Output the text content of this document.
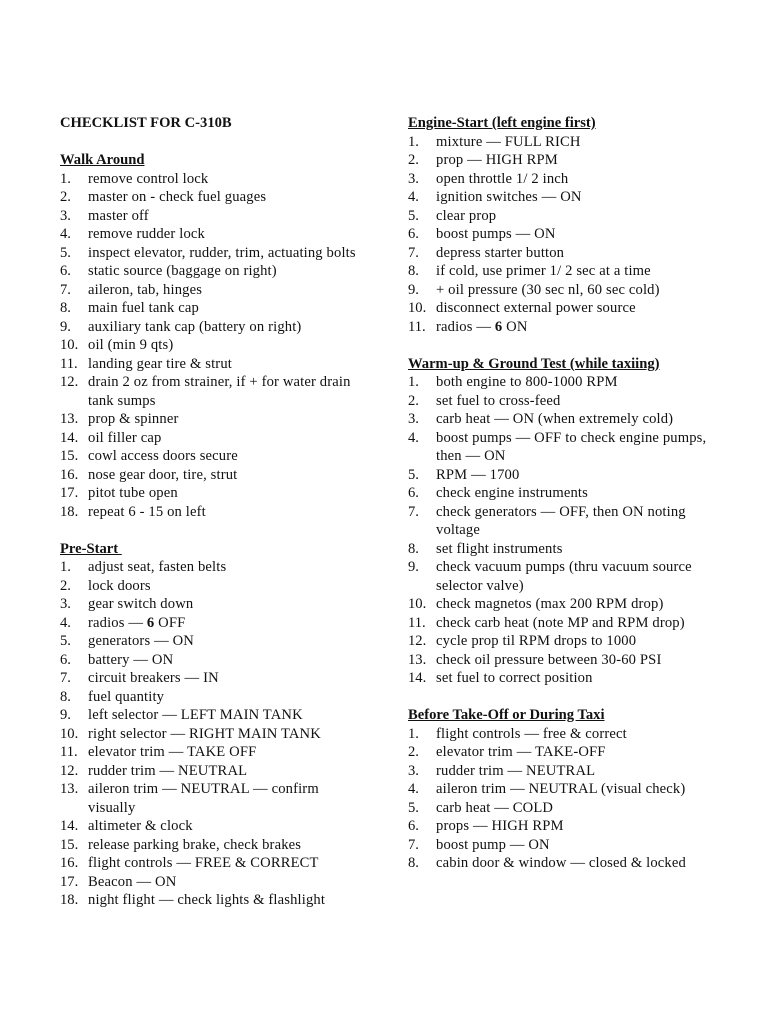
CHECKLIST FOR C-310B
Walk Around
1.	remove control lock
2.	master on - check fuel guages
3.	master off
4.	remove rudder lock
5.	inspect elevator, rudder, trim, actuating bolts
6.	static source (baggage on right)
7.	aileron, tab, hinges
8.	main fuel tank cap
9.	auxiliary tank cap (battery on right)
10. oil (min 9 qts)
11. landing gear tire & strut
12. drain 2 oz from strainer, if + for water drain tank sumps
13. prop & spinner
14. oil filler cap
15. cowl access doors secure
16. nose gear door, tire, strut
17. pitot tube open
18. repeat 6 - 15 on left
Pre-Start
1.	adjust seat, fasten belts
2.	lock doors
3.	gear switch down
4.	radios — 6 OFF
5.	generators — ON
6.	battery — ON
7.	circuit breakers — IN
8.	fuel quantity
9.	left selector — LEFT MAIN TANK
10. right selector — RIGHT MAIN TANK
11. elevator trim — TAKE OFF
12. rudder trim — NEUTRAL
13. aileron trim — NEUTRAL — confirm visually
14. altimeter & clock
15. release parking brake, check brakes
16. flight controls — FREE & CORRECT
17. Beacon — ON
18. night flight — check lights & flashlight
Engine-Start (left engine first)
1.	mixture — FULL RICH
2.	prop — HIGH RPM
3.	open throttle 1/ 2 inch
4.	ignition switches — ON
5.	clear prop
6.	boost pumps — ON
7.	depress starter button
8.	if cold, use primer 1/ 2 sec at a time
9.	+ oil pressure (30 sec nl, 60 sec cold)
10. disconnect external power source
11. radios — 6 ON
Warm-up & Ground Test (while taxiing)
1.	both engine to 800-1000 RPM
2.	set fuel to cross-feed
3.	carb heat — ON (when extremely cold)
4.	boost pumps — OFF to check engine pumps, then — ON
5.	RPM — 1700
6.	check engine instruments
7.	check generators — OFF, then ON noting voltage
8.	set flight instruments
9.	check vacuum pumps (thru vacuum source selector valve)
10. check magnetos (max 200 RPM drop)
11. check carb heat (note MP and RPM drop)
12. cycle prop til RPM drops to 1000
13. check oil pressure between 30-60 PSI
14. set fuel to correct position
Before Take-Off or During Taxi
1.	flight controls — free & correct
2.	elevator trim — TAKE-OFF
3.	rudder trim — NEUTRAL
4.	aileron trim — NEUTRAL (visual check)
5.	carb heat — COLD
6.	props — HIGH RPM
7.	boost pump — ON
8.	cabin door & window — closed & locked
